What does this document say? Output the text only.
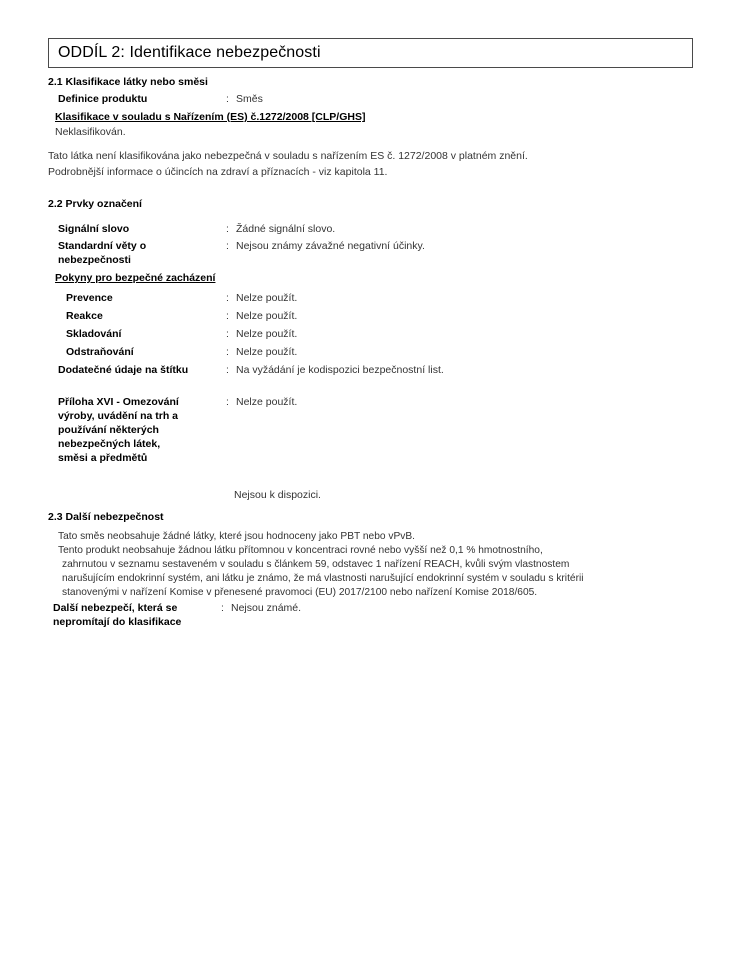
ODDÍL 2: Identifikace nebezpečnosti
2.1 Klasifikace látky nebo směsi
Definice produktu	: Směs
Klasifikace v souladu s Nařízením (ES) č.1272/2008 [CLP/GHS]
Neklasifikován.
Tato látka není klasifikována jako nebezpečná v souladu s nařízením ES č. 1272/2008 v platném znění.
Podrobnější informace o účincích na zdraví a příznacích - viz kapitola 11.
2.2 Prvky označení
Signální slovo	: Žádné signální slovo.
Standardní věty o
nebezpečnosti
: Nejsou známy závažné negativní účinky.
Pokyny pro bezpečné zacházení
Prevence	: Nelze použít.
Reakce	: Nelze použít.
Skladování	: Nelze použít.
Odstraňování	: Nelze použít.
Dodatečné údaje na štítku	: Na vyžádání je kodispozici bezpečnostní list.
Příloha XVI - Omezování
výroby, uvádění na trh a
používání některých
nebezpečných látek,
směsi a předmětů
: Nelze použít.
Nejsou k dispozici.
2.3 Další nebezpečnost
Tato směs neobsahuje žádné látky, které jsou hodnoceny jako PBT nebo vPvB.
Tento produkt neobsahuje žádnou látku přítomnou v koncentraci rovné nebo vyšší než 0,1 % hmotnostního,
zahrnutou v seznamu sestaveném v souladu s článkem 59, odstavec 1 nařízení REACH, kvůli svým vlastnostem
narušujícím endokrinní systém, ani látku je známo, že má vlastnosti narušující endokrinní systém v souladu s kritérii
stanovenými v nařízení Komise v přenesené pravomoci (EU) 2017/2100 nebo nařízení Komise 2018/605.
Další nebezpečí, která se
nepromítají do klasifikace
: Nejsou známé.
